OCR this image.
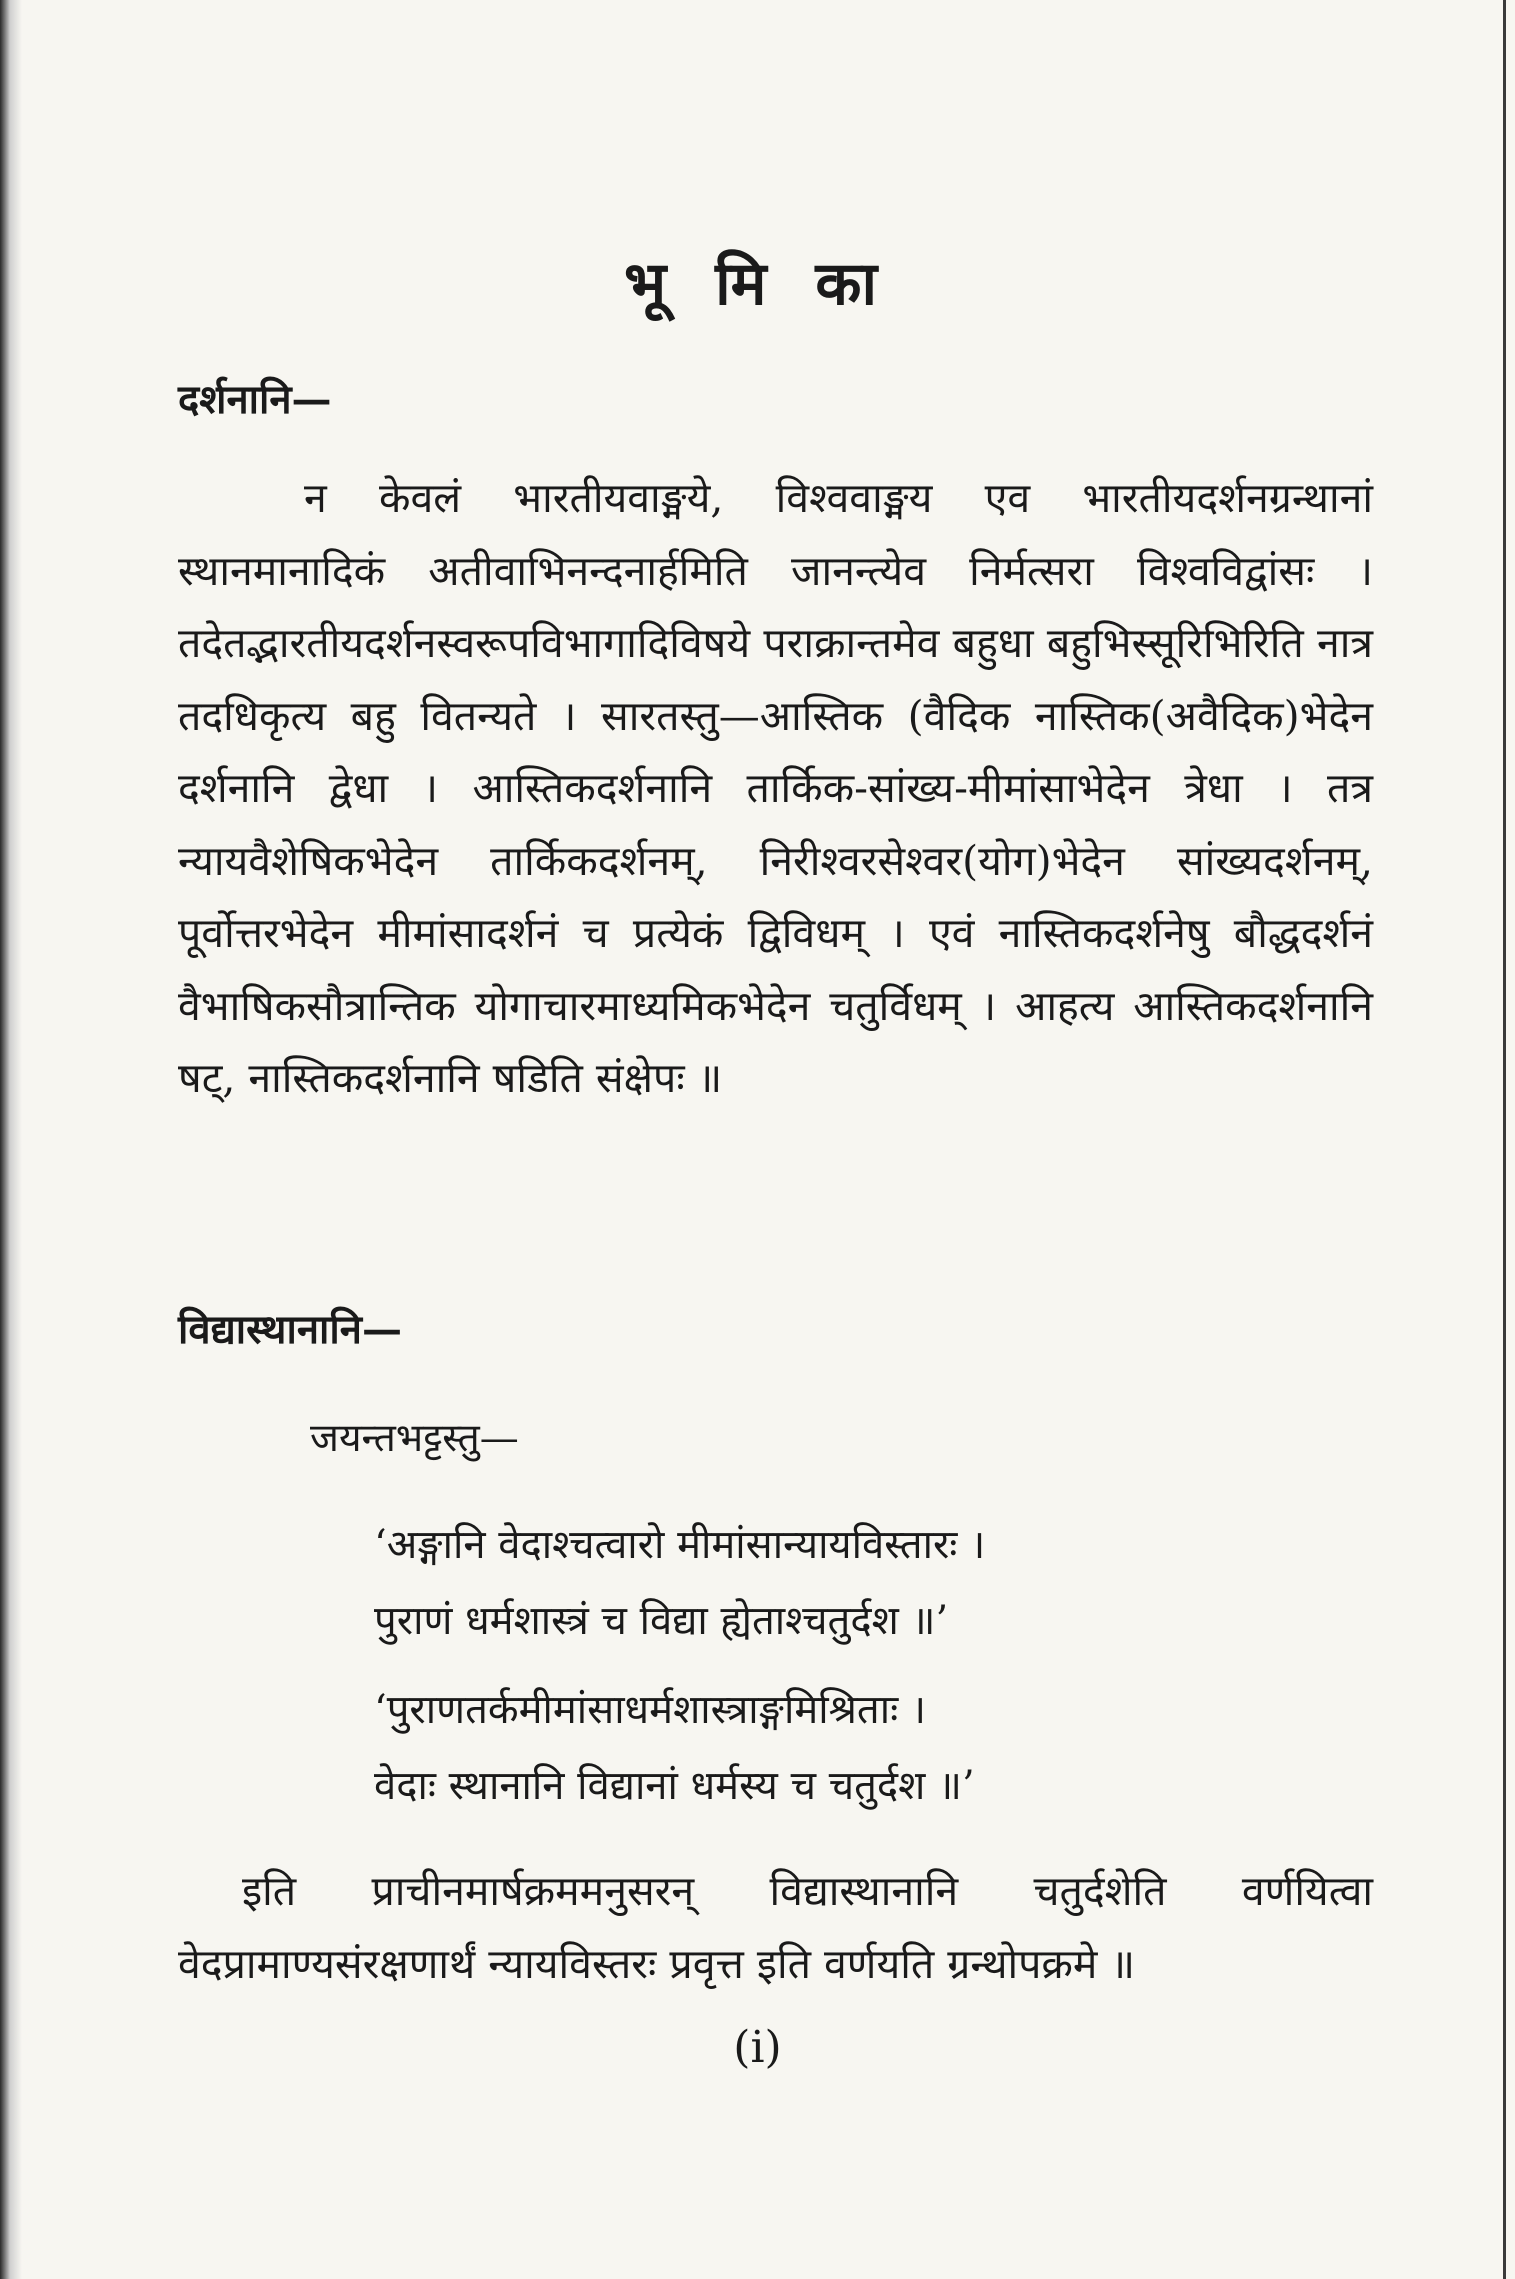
भू मि का
दर्शनानि—

न केवलं भारतीयवाङ्मये, विश्ववाङ्मय एव भारतीयदर्शनग्रन्थानां स्थानमानादिकं अतीवाभिनन्दनार्हमिति जानन्त्येव निर्मत्सरा विश्वविद्वांसः । तदेतद्भारतीयदर्शनस्वरूपविभागादिविषये पराक्रान्तमेव बहुधा बहुभिस्सूरिभिरिति नात्र तदधिकृत्य बहु वितन्यते । सारतस्तु—आस्तिक (वैदिक नास्तिक(अवैदिक)भेदेन दर्शनानि द्वेधा । आस्तिकदर्शनानि तार्किक-सांख्य-मीमांसाभेदेन त्रेधा । तत्र न्यायवैशेषिकभेदेन तार्किकदर्शनम्, निरीश्वरसेश्वर(योग)भेदेन सांख्यदर्शनम्, पूर्वोत्तरभेदेन मीमांसादर्शनं च प्रत्येकं द्विविधम् । एवं नास्तिकदर्शनेषु बौद्धदर्शनं वैभाषिकसौत्रान्तिक योगाचारमाध्यमिकभेदेन चतुर्विधम् । आहत्य आस्तिकदर्शनानि षट्, नास्तिकदर्शनानि षडिति संक्षेपः ॥

विद्यास्थानानि—
जयन्तभट्टस्तु—
‘अङ्गानि वेदाश्चत्वारो मीमांसान्यायविस्तारः ।
पुराणं धर्मशास्त्रं च विद्या ह्येताश्चतुर्दश ॥’
‘पुराणतर्कमीमांसाधर्मशास्त्राङ्गमिश्रिताः ।
वेदाः स्थानानि विद्यानां धर्मस्य च चतुर्दश ॥’

इति प्राचीनमार्षक्रममनुसरन् विद्यास्थानानि चतुर्दशेति वर्णयित्वा वेदप्रामाण्यसंरक्षणार्थं न्यायविस्तरः प्रवृत्त इति वर्णयति ग्रन्थोपक्रमे ॥

(i)
